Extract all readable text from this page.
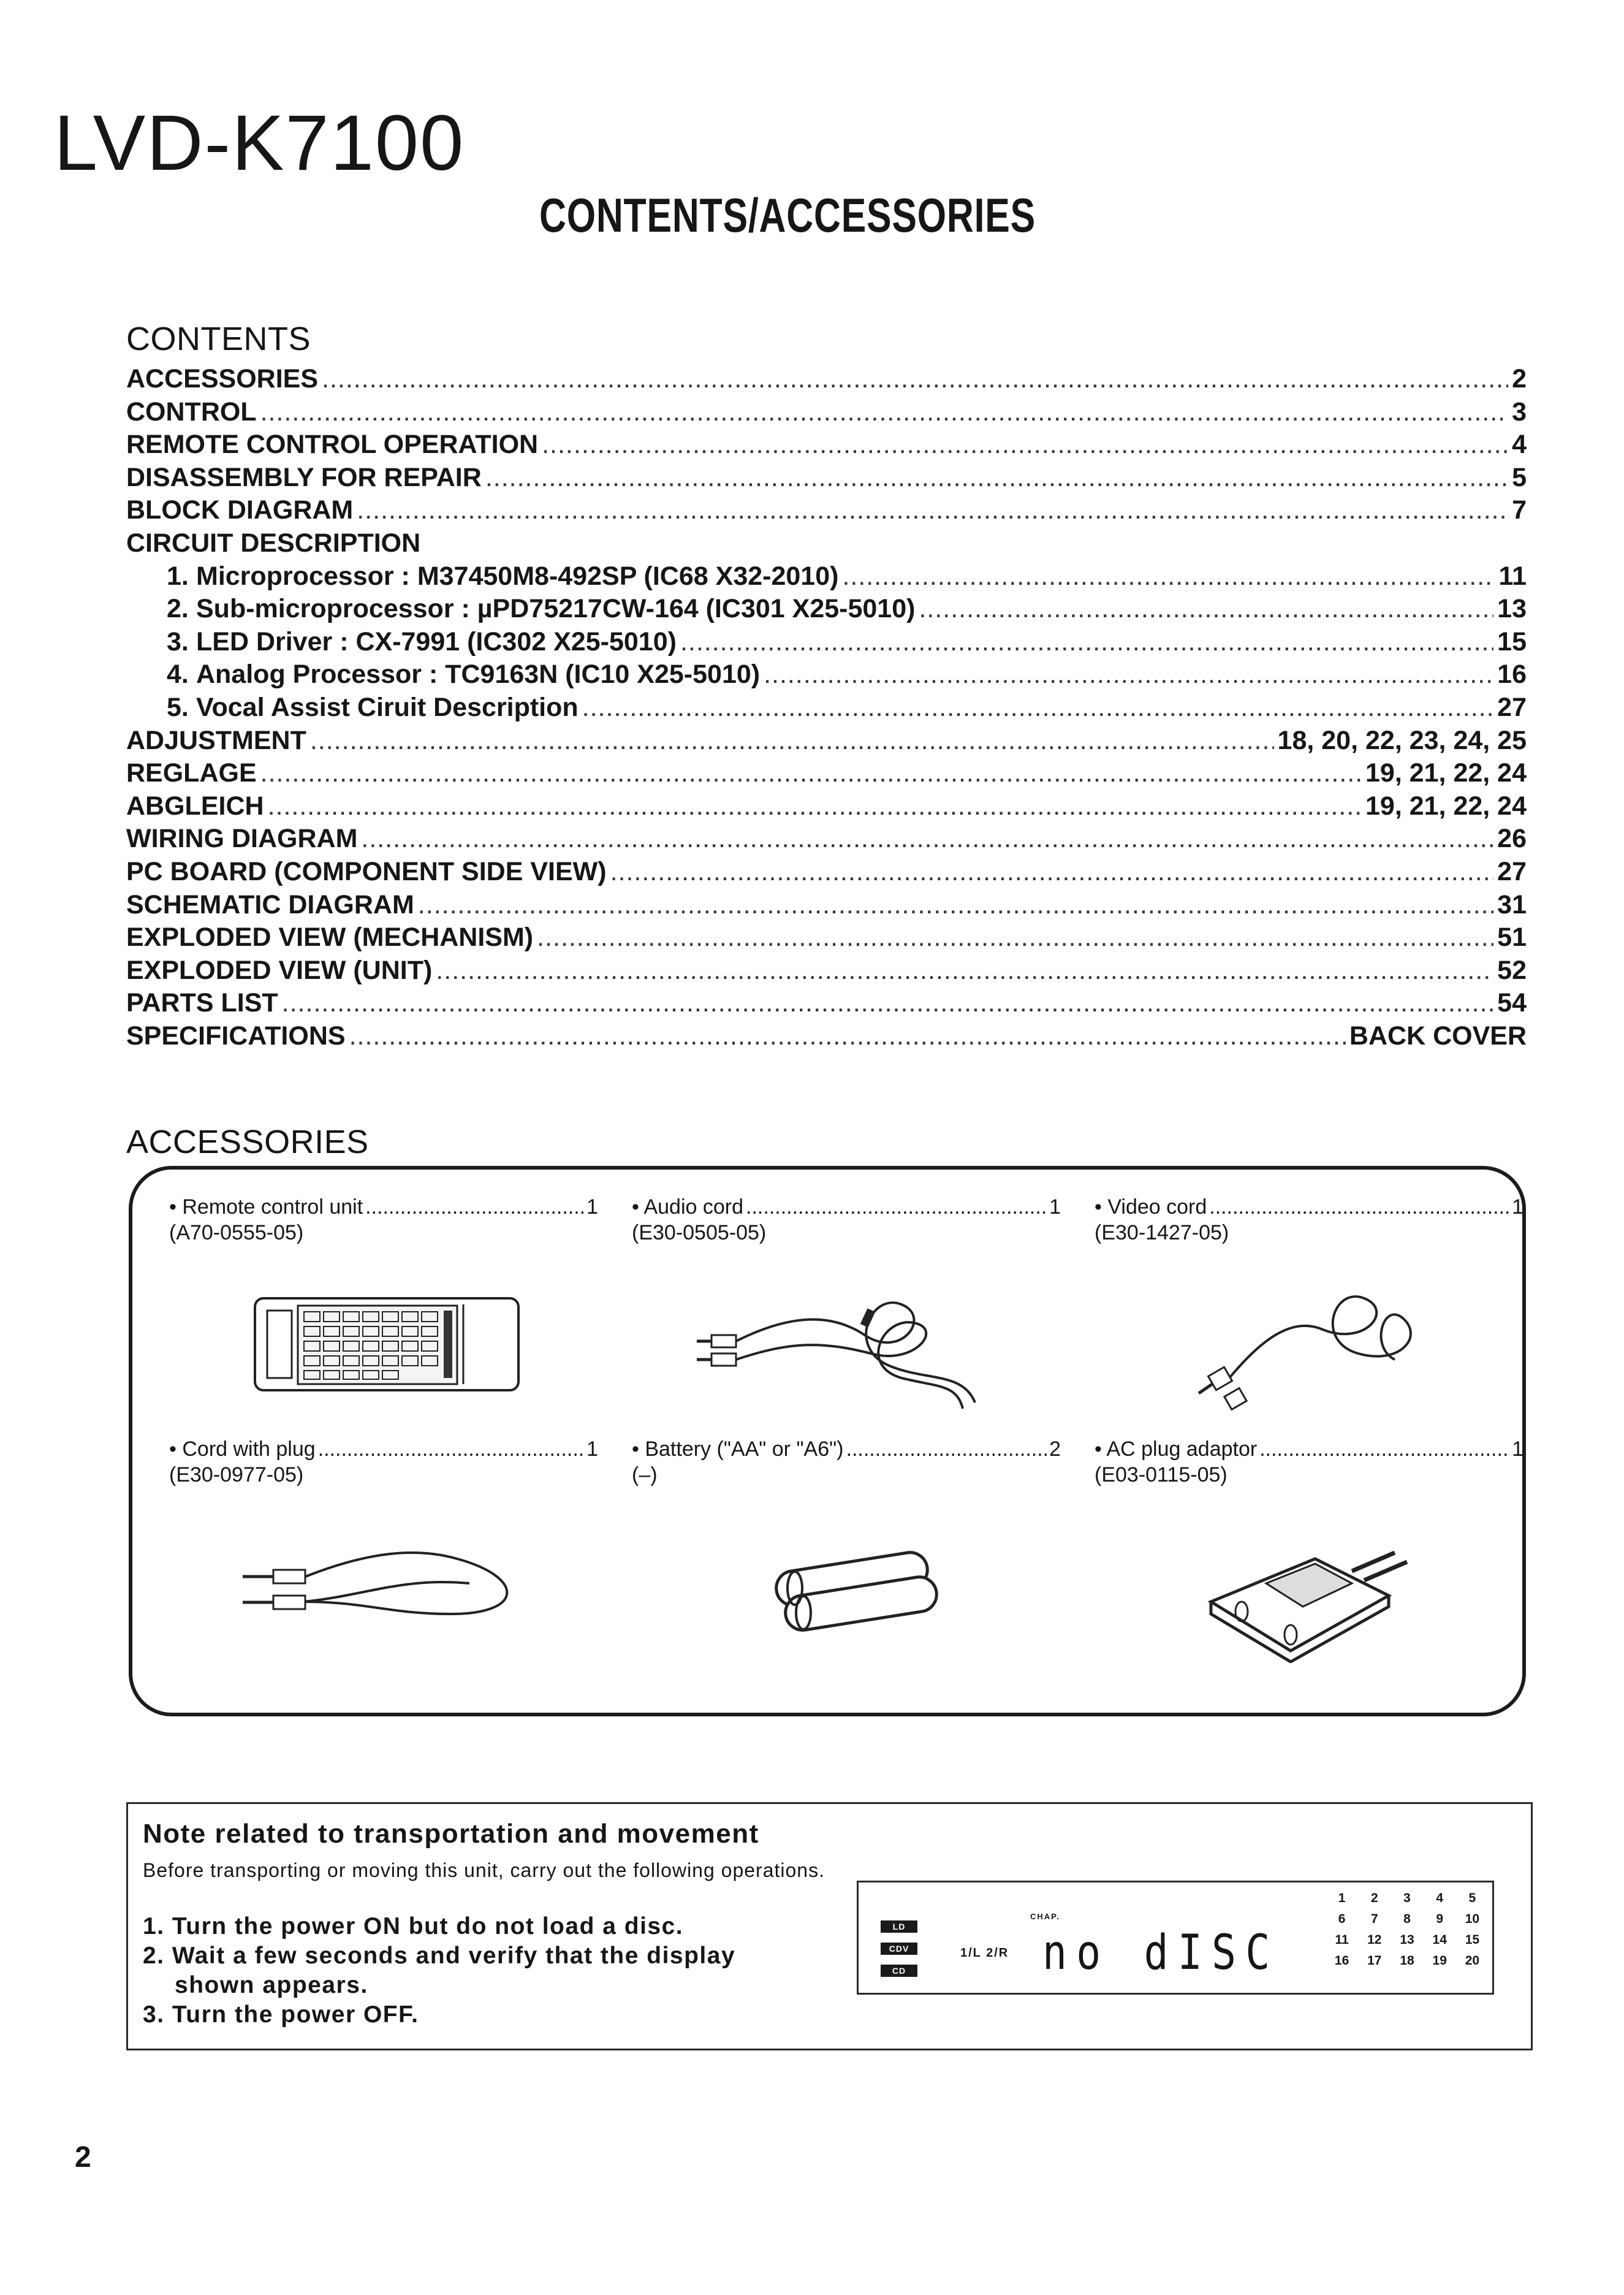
LVD-K7100
CONTENTS/ACCESSORIES
CONTENTS
ACCESSORIES .....	2
CONTROL .....	3
REMOTE CONTROL OPERATION .....	4
DISASSEMBLY FOR REPAIR .....	5
BLOCK DIAGRAM .....	7
CIRCUIT DESCRIPTION
1. Microprocessor : M37450M8-492SP (IC68 X32-2010) .....	11
2. Sub-microprocessor : µPD75217CW-164 (IC301 X25-5010) .....	13
3. LED Driver : CX-7991 (IC302 X25-5010) .....	15
4. Analog Processor : TC9163N (IC10 X25-5010) .....	16
5. Vocal Assist Ciruit Description .....	27
ADJUSTMENT .....	18, 20, 22, 23, 24, 25
REGLAGE .....	19, 21, 22, 24
ABGLEICH .....	19, 21, 22, 24
WIRING DIAGRAM .....	26
PC BOARD (COMPONENT SIDE VIEW) .....	27
SCHEMATIC DIAGRAM .....	31
EXPLODED VIEW (MECHANISM) .....	51
EXPLODED VIEW (UNIT) .....	52
PARTS LIST .....	54
SPECIFICATIONS .....	BACK COVER
ACCESSORIES
• Remote control unit .....	1
(A70-0555-05)
• Audio cord .....	1
(E30-0505-05)
• Video cord .....	1
(E30-1427-05)
• Cord with plug .....	1
(E30-0977-05)
• Battery ("AA" or "A6") .....	2
(–)
• AC plug adaptor .....	1
(E03-0115-05)
Note related to transportation and movement
Before transporting or moving this unit, carry out the following operations.
1. Turn the power ON but do not load a disc.
2. Wait a few seconds and verify that the display
shown appears.
3. Turn the power OFF.
LD
CDV
CD
CHAP.
1/L 2/R no dISC
1	2	3	4	5
6	7	8	9	10
11	12	13	14	15
16	17	18	19	20
2
